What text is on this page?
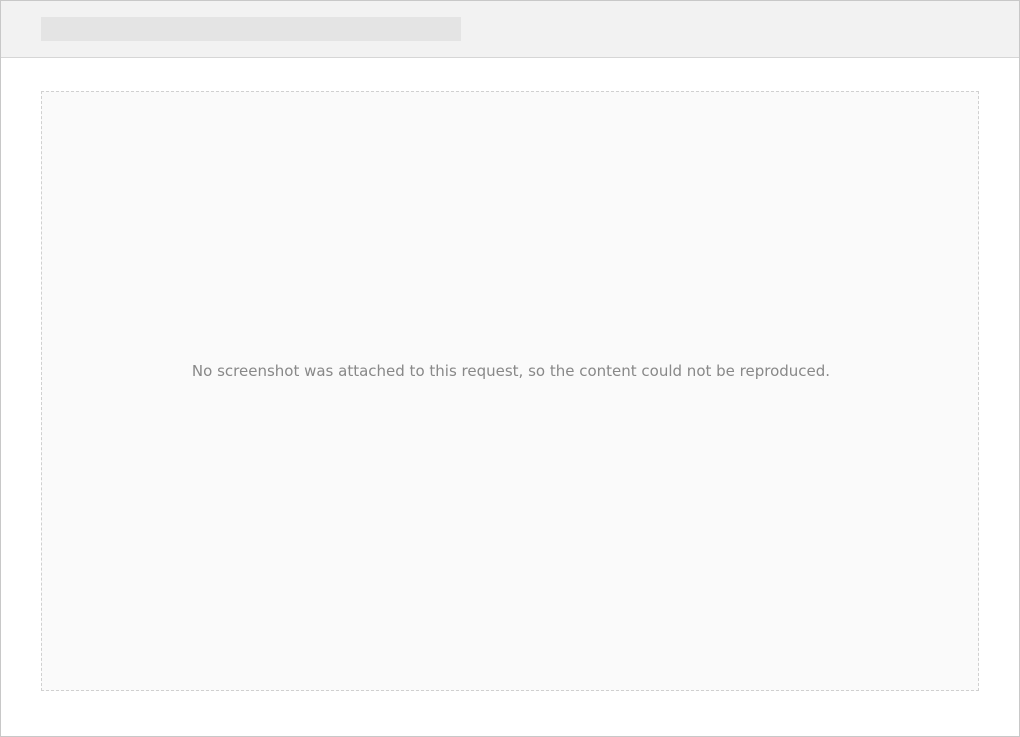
No screenshot was attached to this request, so the content could not be reproduced.
